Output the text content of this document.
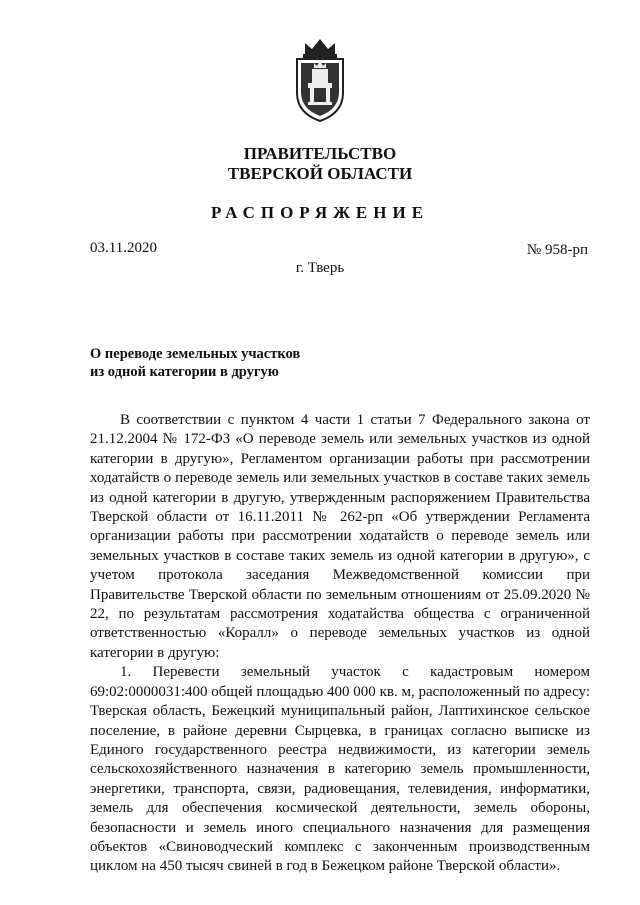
ПРАВИТЕЛЬСТВО
ТВЕРСКОЙ ОБЛАСТИ
РАСПОРЯЖЕНИЕ
03.11.2020	№ 958-рп
г. Тверь
О переводе земельных участков
из одной категории в другую

В соответствии с пунктом 4 части 1 статьи 7 Федерального закона от 21.12.2004 № 172-ФЗ «О переводе земель или земельных участков из одной категории в другую», Регламентом организации работы при рассмотрении ходатайств о переводе земель или земельных участков в составе таких земель из одной категории в другую, утвержденным распоряжением Правительства Тверской области от 16.11.2011 № 262-рп «Об утверждении Регламента организации работы при рассмотрении ходатайств о переводе земель или земельных участков в составе таких земель из одной категории в другую», с учетом протокола заседания Межведомственной комиссии при Правительстве Тверской области по земельным отношениям от 25.09.2020 № 22, по результатам рассмотрения ходатайства общества с ограниченной ответственностью «Коралл» о переводе земельных участков из одной категории в другую:

1. Перевести земельный участок с кадастровым номером 69:02:0000031:400 общей площадью 400 000 кв. м, расположенный по адресу: Тверская область, Бежецкий муниципальный район, Лаптихинское сельское поселение, в районе деревни Сырцевка, в границах согласно выписке из Единого государственного реестра недвижимости, из категории земель сельскохозяйственного назначения в категорию земель промышленности, энергетики, транспорта, связи, радиовещания, телевидения, информатики, земель для обеспечения космической деятельности, земель обороны, безопасности и земель иного специального назначения для размещения объектов «Свиноводческий комплекс с законченным производственным циклом на 450 тысяч свиней в год в Бежецком районе Тверской области».
